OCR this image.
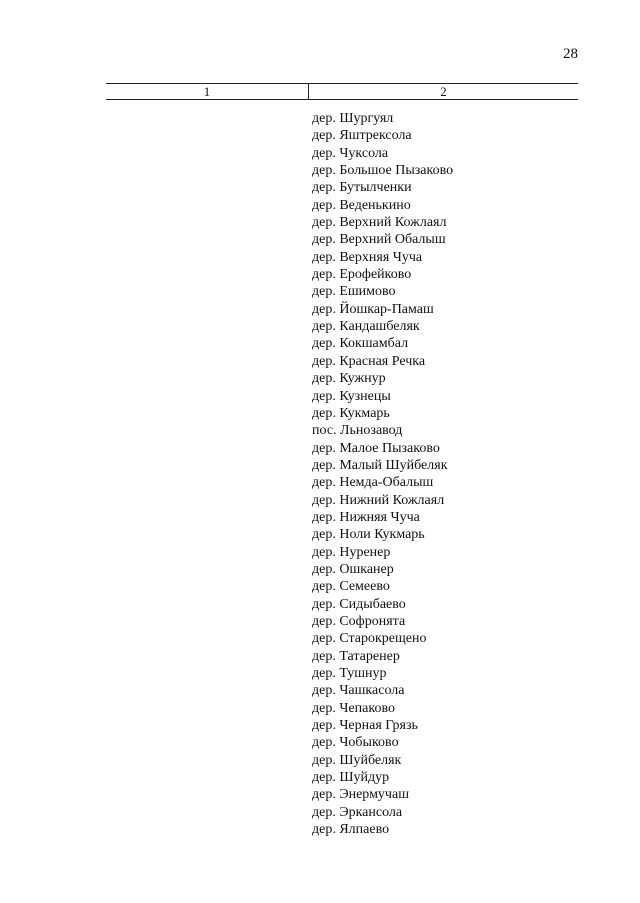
28
1	2
дер. Шургуял
дер. Яштрексола
дер. Чуксола
дер. Большое Пызаково
дер. Бутылченки
дер. Веденькино
дер. Верхний Кожлаял
дер. Верхний Обалыш
дер. Верхняя Чуча
дер. Ерофейково
дер. Ешимово
дер. Йошкар-Памаш
дер. Кандашбеляк
дер. Кокшамбал
дер. Красная Речка
дер. Кужнур
дер. Кузнецы
дер. Кукмарь
пос. Льнозавод
дер. Малое Пызаково
дер. Малый Шуйбеляк
дер. Немда-Обалыш
дер. Нижний Кожлаял
дер. Нижняя Чуча
дер. Ноли Кукмарь
дер. Нуренер
дер. Ошканер
дер. Семеево
дер. Сидыбаево
дер. Софронята
дер. Старокрещено
дер. Татаренер
дер. Тушнур
дер. Чашкасола
дер. Чепаково
дер. Черная Грязь
дер. Чобыково
дер. Шуйбеляк
дер. Шуйдур
дер. Энермучаш
дер. Эркансола
дер. Ялпаево
